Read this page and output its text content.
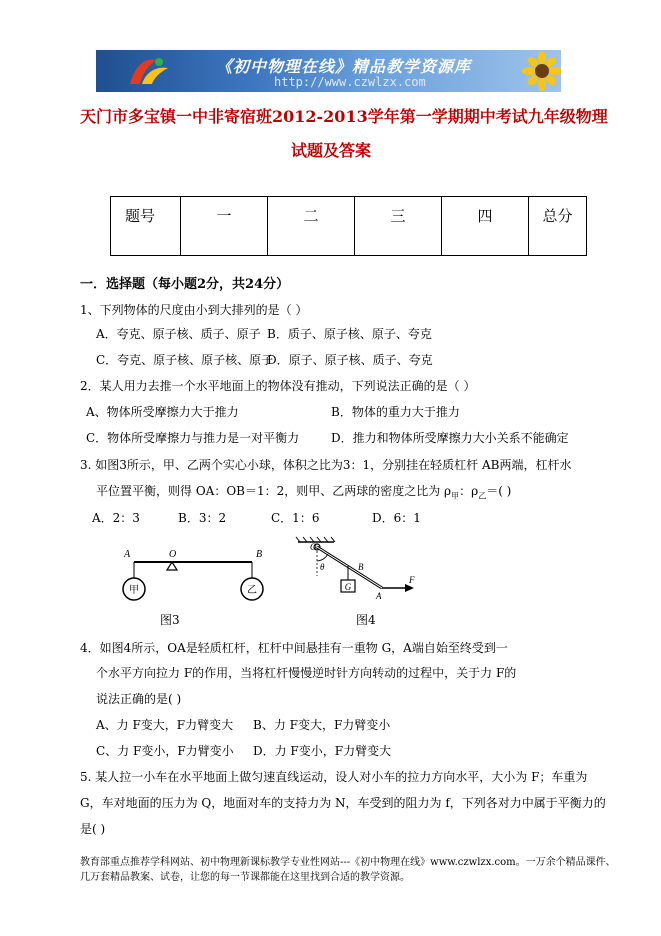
《初中物理在线》精品教学资源库
http://www.czwlzx.com
天门市多宝镇一中非寄宿班2012-2013学年第一学期期中考试九年级物理
试题及答案
题号	一	二	三	四	总分
一．选择题（每小题2分，共24分）
1、下列物体的尺度由小到大排列的是（ ）
A．夸克、原子核、质子、原子 B．质子、原子核、原子、夸克
C．夸克、原子核、原子核、原子
D．原子、原子核、质子、夸克
2．某人用力去推一个水平地面上的物体没有推动，下列说法正确的是（ ）
A、物体所受摩擦力大于推力	B．物体的重力大于推力
C．物体所受摩擦力与推力是一对平衡力	D．推力和物体所受摩擦力大小关系不能确定
3. 如图3所示，甲、乙两个实心小球，体积之比为3：1，分别挂在轻质杠杆 AB两端，杠杆水
平位置平衡，则得 OA：OB＝1：2，则甲、乙两球的密度之比为 $\rho_甲$：$\rho_乙=$( )
A．2：3	B．3：2	C．1：6	D．6：1
A	O	B
甲	乙
图3
O
θ	B
A
F
G
图4
4．如图4所示，OA是轻质杠杆，杠杆中间悬挂有一重物 G，A端自始至终受到一
个水平方向拉力 F的作用，当将杠杆慢慢逆时针方向转动的过程中，关于力 F的
说法正确的是( )
A、力 F变大，F力臂变大 B、力 F变大，F力臂变小
C、力 F变小，F力臂变小 D．力 F变小，F力臂变大
5. 某人拉一小车在水平地面上做匀速直线运动，设人对小车的拉力方向水平，大小为 F；车重为
G，车对地面的压力为 Q，地面对车的支持力为 N，车受到的阻力为 f，下列各对力中属于平衡力的
是( )
教育部重点推荐学科网站、初中物理新课标教学专业性网站---《初中物理在线》www.czwlzx.com。一万余个精品课件、
几万套精品教案、试卷，让您的每一节课都能在这里找到合适的教学资源。
